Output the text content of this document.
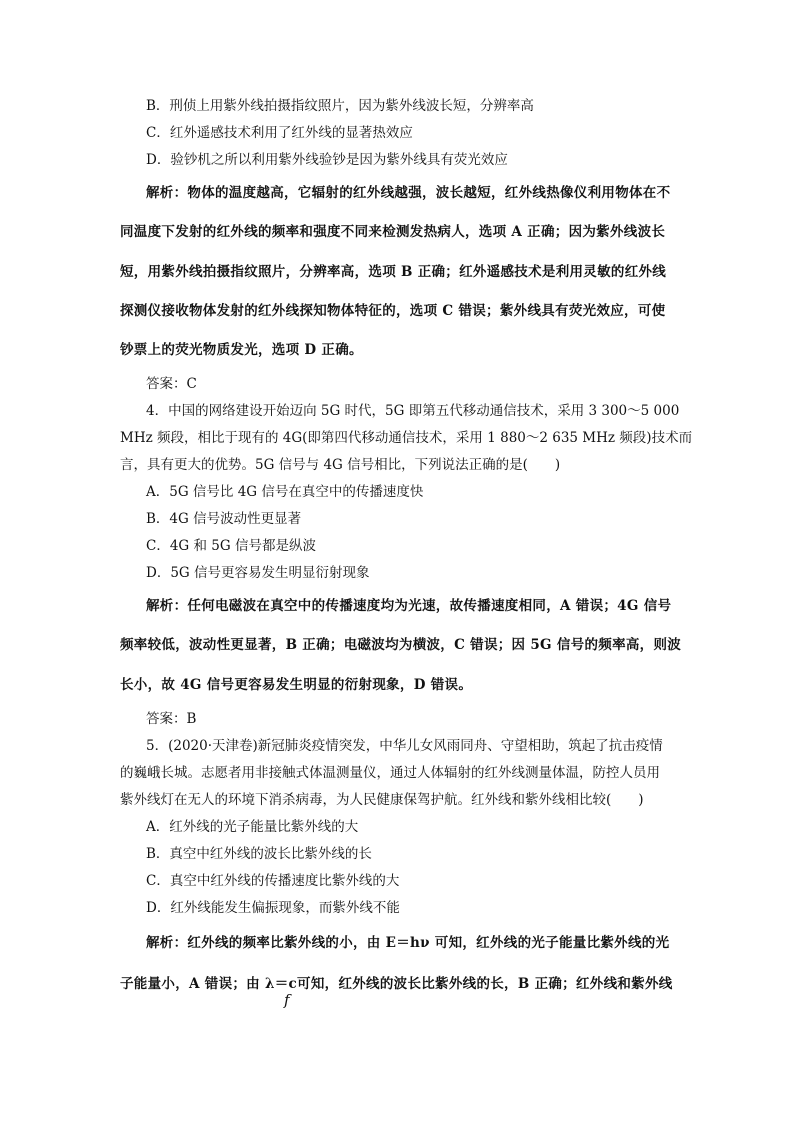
B．刑侦上用紫外线拍摄指纹照片，因为紫外线波长短，分辨率高
C．红外遥感技术利用了红外线的显著热效应
D．验钞机之所以利用紫外线验钞是因为紫外线具有荧光效应
解析：物体的温度越高，它辐射的红外线越强，波长越短，红外线热像仪利用物体在不
同温度下发射的红外线的频率和强度不同来检测发热病人，选项 A 正确；因为紫外线波长
短，用紫外线拍摄指纹照片，分辨率高，选项 B 正确；红外遥感技术是利用灵敏的红外线
探测仪接收物体发射的红外线探知物体特征的，选项 C 错误；紫外线具有荧光效应，可使
钞票上的荧光物质发光，选项 D 正确。
答案：C
4．中国的网络建设开始迈向 5G 时代，5G 即第五代移动通信技术，采用 3 300～5 000
MHz 频段，相比于现有的 4G(即第四代移动通信技术，采用 1 880～2 635 MHz 频段)技术而
言，具有更大的优势。5G 信号与 4G 信号相比，下列说法正确的是(　　)
A．5G 信号比 4G 信号在真空中的传播速度快
B．4G 信号波动性更显著
C．4G 和 5G 信号都是纵波
D．5G 信号更容易发生明显衍射现象
解析：任何电磁波在真空中的传播速度均为光速，故传播速度相同，A 错误；4G 信号
频率较低，波动性更显著，B 正确；电磁波均为横波，C 错误；因 5G 信号的频率高，则波
长小，故 4G 信号更容易发生明显的衍射现象，D 错误。
答案：B
5．(2020·天津卷)新冠肺炎疫情突发，中华儿女风雨同舟、守望相助，筑起了抗击疫情
的巍峨长城。志愿者用非接触式体温测量仪，通过人体辐射的红外线测量体温，防控人员用
紫外线灯在无人的环境下消杀病毒，为人民健康保驾护航。红外线和紫外线相比较(　　)
A．红外线的光子能量比紫外线的大
B．真空中红外线的波长比紫外线的长
C．真空中红外线的传播速度比紫外线的大
D．红外线能发生偏振现象，而紫外线不能
解析：红外线的频率比紫外线的小，由 E＝hν 可知，红外线的光子能量比紫外线的光
子能量小，A 错误；由 λ＝c可知，红外线的波长比紫外线的长，B 正确；红外线和紫外线
f
